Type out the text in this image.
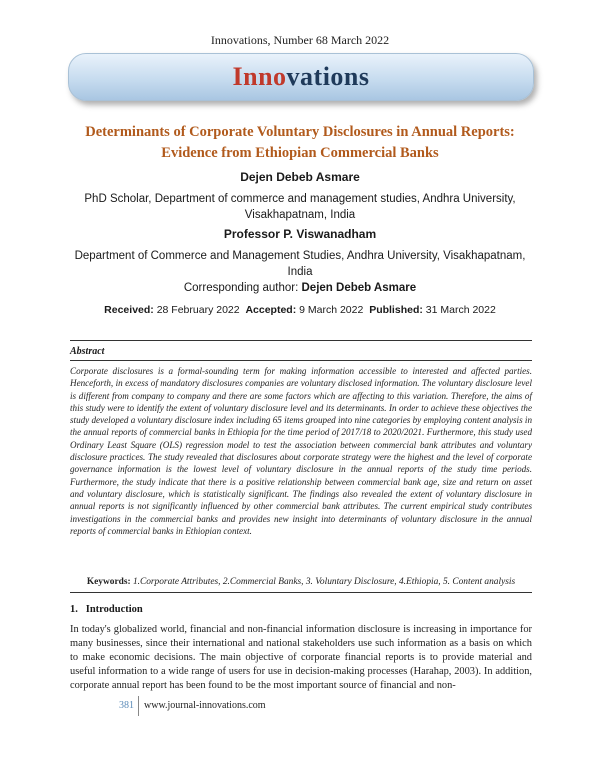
Innovations, Number 68 March 2022
Innovations
Determinants of Corporate Voluntary Disclosures in Annual Reports:
Evidence from Ethiopian Commercial Banks
Dejen Debeb Asmare
PhD Scholar, Department of commerce and management studies, Andhra University,
Visakhapatnam, India
Professor P. Viswanadham
Department of Commerce and Management Studies, Andhra University, Visakhapatnam,
India
Corresponding author: Dejen Debeb Asmare
Received: 28 February 2022 Accepted: 9 March 2022 Published: 31 March 2022
Abstract
Corporate disclosures is a formal-sounding term for making information accessible to interested and affected parties. Henceforth, in excess of mandatory disclosures companies are voluntary disclosed information. The voluntary disclosure level is different from company to company and there are some factors which are affecting to this variation. Therefore, the aims of this study were to identify the extent of voluntary disclosure level and its determinants. In order to achieve these objectives the study developed a voluntary disclosure index including 65 items grouped into nine categories by employing content analysis in the annual reports of commercial banks in Ethiopia for the time period of 2017/18 to 2020/2021. Furthermore, this study used Ordinary Least Square (OLS) regression model to test the association between commercial bank attributes and voluntary disclosure practices. The study revealed that disclosures about corporate strategy were the highest and the level of corporate governance information is the lowest level of voluntary disclosure in the annual reports of the study time periods. Furthermore, the study indicate that there is a positive relationship between commercial bank age, size and return on asset and voluntary disclosure, which is statistically significant. The findings also revealed the extent of voluntary disclosure in annual reports is not significantly influenced by other commercial bank attributes. The current empirical study contributes investigations in the commercial banks and provides new insight into determinants of voluntary disclosure in the annual reports of commercial banks in Ethiopian context.
Keywords: 1.Corporate Attributes, 2.Commercial Banks, 3. Voluntary Disclosure, 4.Ethiopia, 5. Content analysis
1.   Introduction
In today's globalized world, financial and non-financial information disclosure is increasing in importance for many businesses, since their international and national stakeholders use such information as a basis on which to make economic decisions. The main objective of corporate financial reports is to provide material and useful information to a wide range of users for use in decision-making processes (Harahap, 2003). In addition, corporate annual report has been found to be the most important source of financial and non-
381 www.journal-innovations.com
